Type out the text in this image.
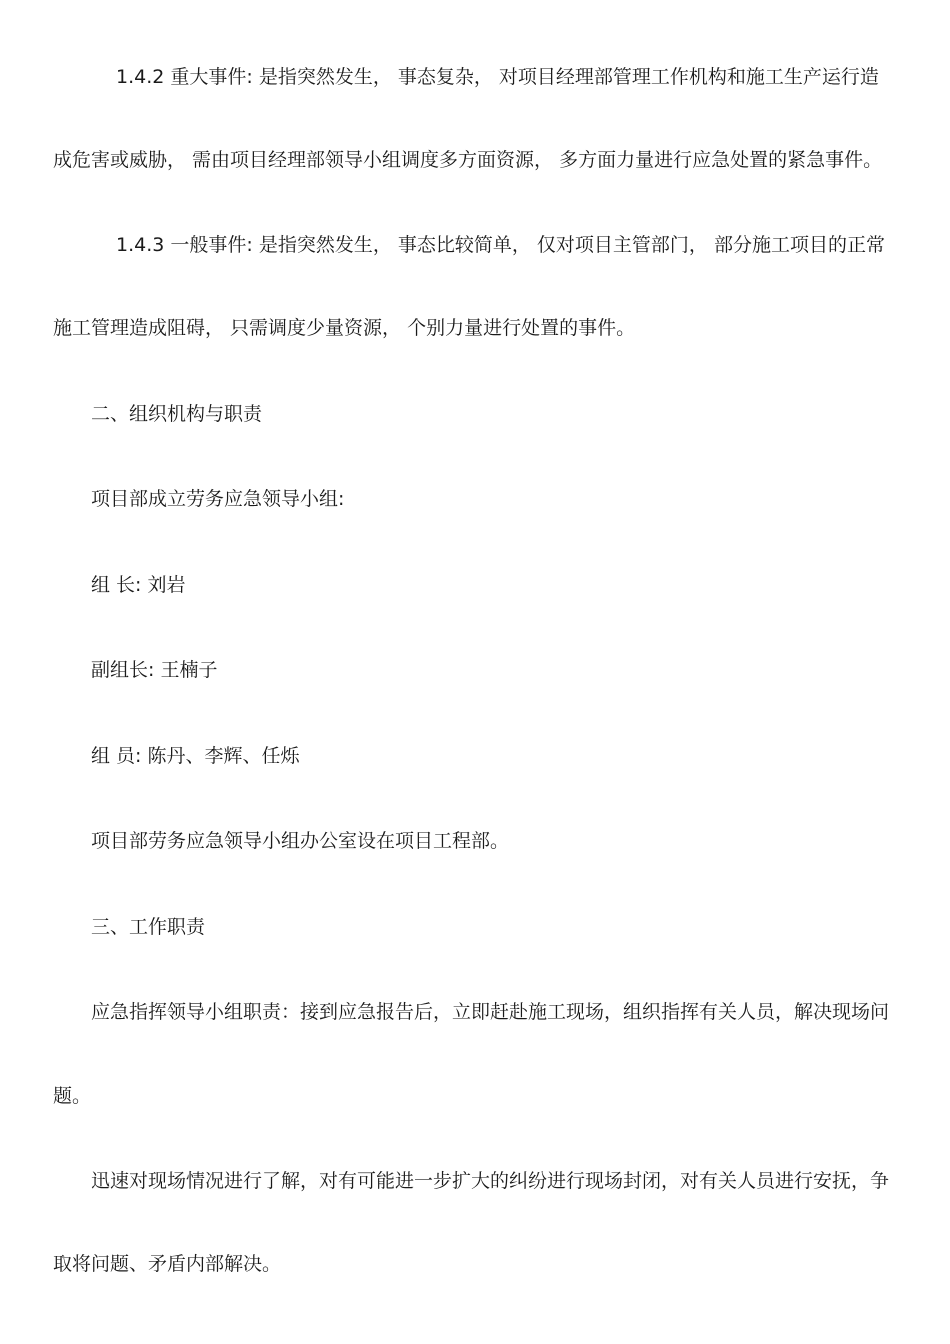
1.4.2 重大事件: 是指突然发生， 事态复杂， 对项目经理部管理工作机构和施工生产运行造
成危害或威胁， 需由项目经理部领导小组调度多方面资源， 多方面力量进行应急处置的紧急事件。
1.4.3 一般事件: 是指突然发生， 事态比较简单， 仅对项目主管部门， 部分施工项目的正常
施工管理造成阻碍， 只需调度少量资源， 个别力量进行处置的事件。
二、组织机构与职责
项目部成立劳务应急领导小组:
组 长: 刘岩
副组长: 王楠子
组 员: 陈丹、李辉、任烁
项目部劳务应急领导小组办公室设在项目工程部。
三、工作职责
应急指挥领导小组职责：接到应急报告后，立即赶赴施工现场，组织指挥有关人员，解决现场问
题。
迅速对现场情况进行了解，对有可能进一步扩大的纠纷进行现场封闭，对有关人员进行安抚，争
取将问题、矛盾内部解决。
